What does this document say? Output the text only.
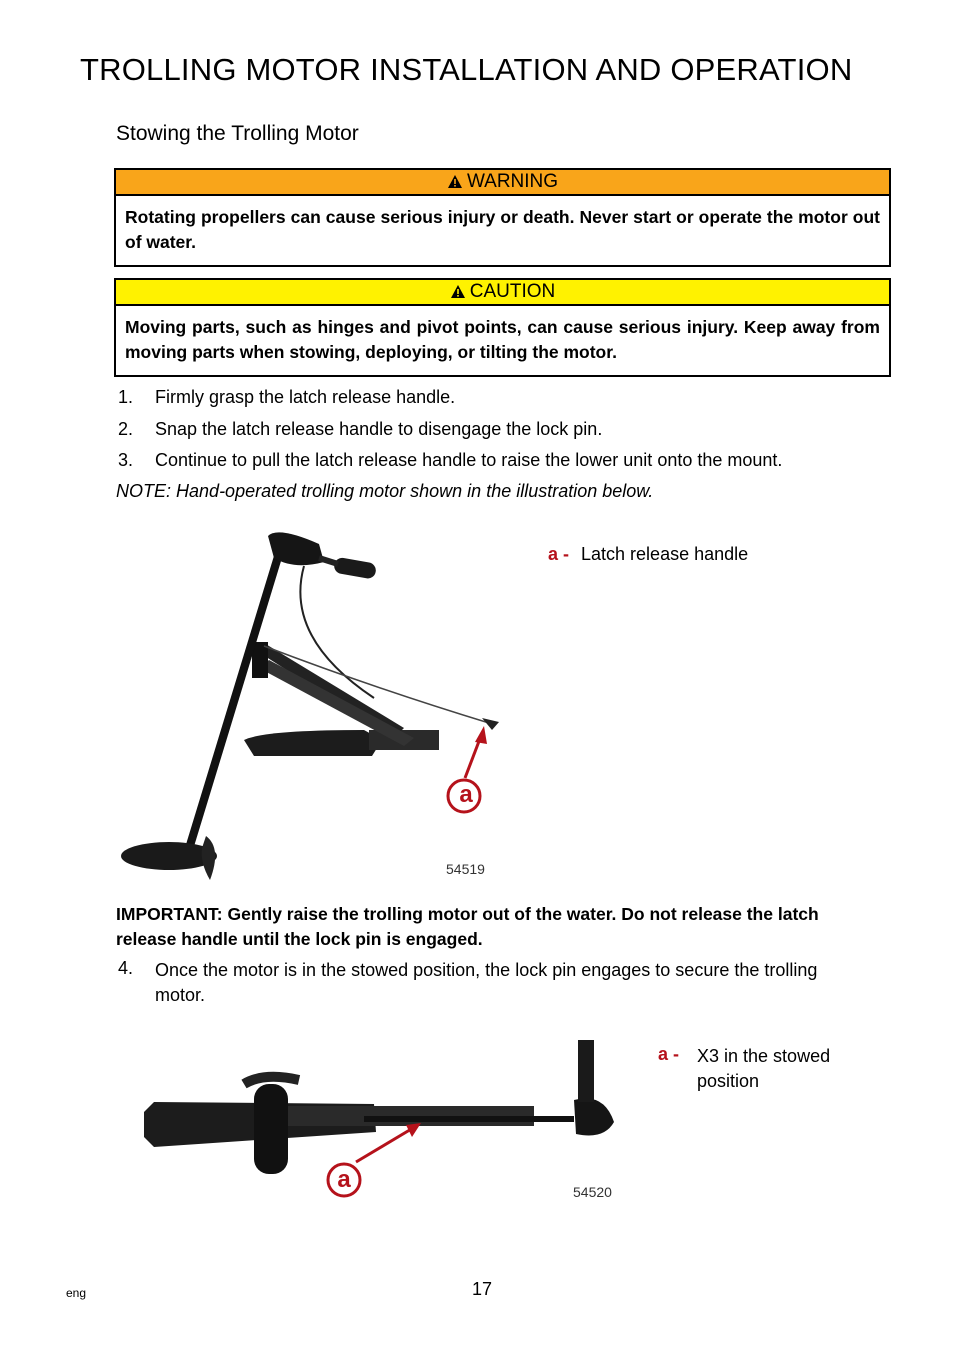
TROLLING MOTOR INSTALLATION AND OPERATION
Stowing the Trolling Motor
WARNING
Rotating propellers can cause serious injury or death. Never start or operate the motor out of water.
CAUTION
Moving parts, such as hinges and pivot points, can cause serious injury. Keep away from moving parts when stowing, deploying, or tilting the motor.
1. Firmly grasp the latch release handle.
2. Snap the latch release handle to disengage the lock pin.
3. Continue to pull the latch release handle to raise the lower unit onto the mount.
NOTE: Hand-operated trolling motor shown in the illustration below.
a
54519
a - Latch release handle
IMPORTANT: Gently raise the trolling motor out of the water. Do not release the latch release handle until the lock pin is engaged.
4.	Once the motor is in the stowed position, the lock pin engages to secure the trolling motor.
a	54520
a - X3 in the stowed position
eng	17
